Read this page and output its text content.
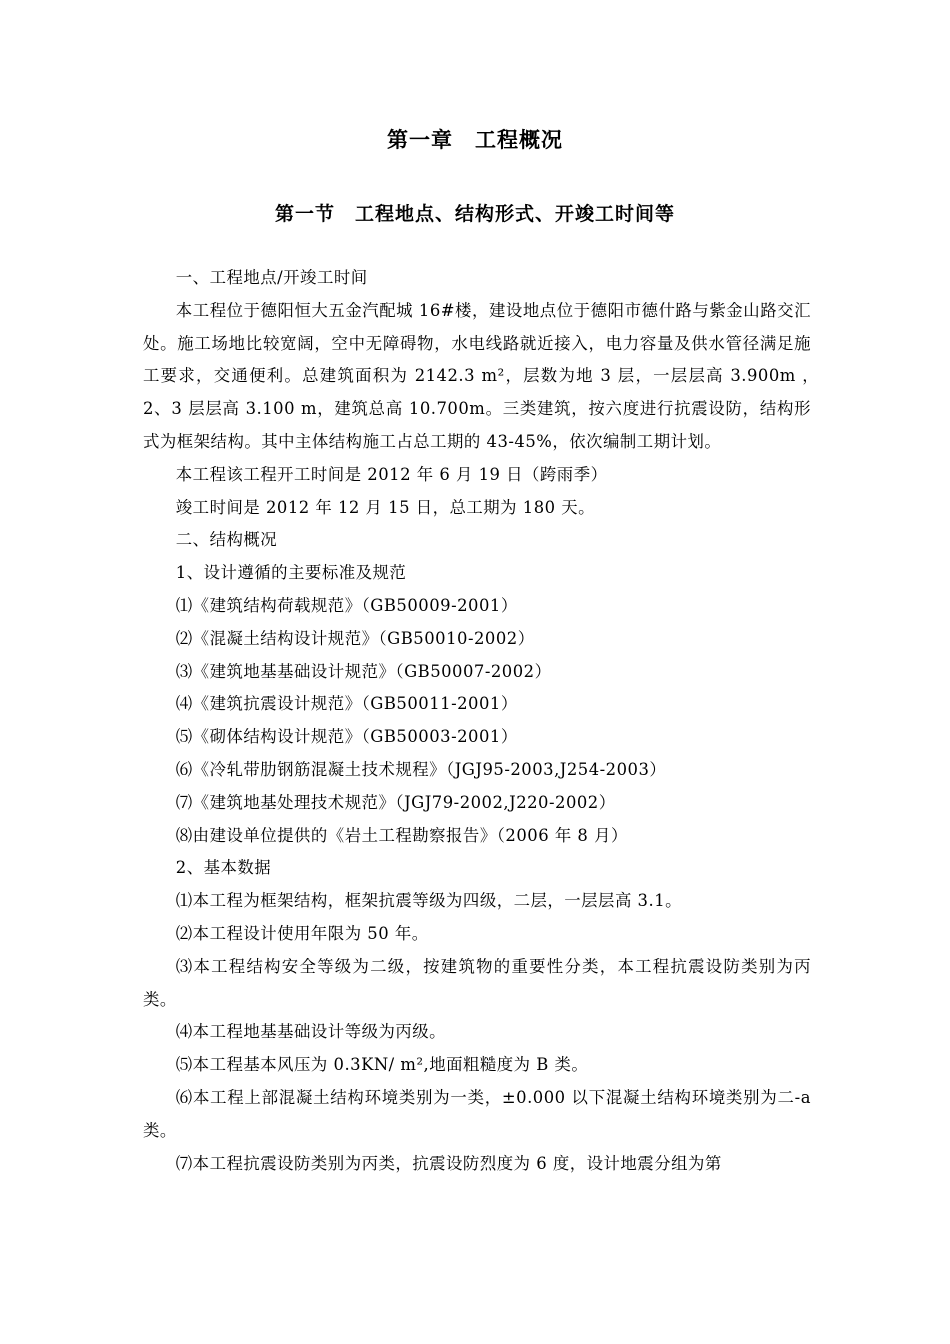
第一章　工程概况
第一节　工程地点、结构形式、开竣工时间等

一、工程地点/开竣工时间

本工程位于德阳恒大五金汽配城 16#楼，建设地点位于德阳市德什路与紫金山路交汇处。施工场地比较宽阔，空中无障碍物，水电线路就近接入，电力容量及供水管径满足施工要求，交通便利。总建筑面积为 2142.3 m²，层数为地 3 层，一层层高 3.900m ，　2、3 层层高 3.100 m，建筑总高 10.700m。三类建筑，按六度进行抗震设防，结构形式为框架结构。其中主体结构施工占总工期的 43-45%，依次编制工期计划。

本工程该工程开工时间是 2012 年 6 月 19 日（跨雨季）

竣工时间是 2012 年 12 月 15 日，总工期为 180 天。

二、结构概况

1、设计遵循的主要标准及规范

⑴《建筑结构荷载规范》（GB50009-2001）

⑵《混凝土结构设计规范》（GB50010-2002）

⑶《建筑地基基础设计规范》（GB50007-2002）

⑷《建筑抗震设计规范》（GB50011-2001）

⑸《砌体结构设计规范》（GB50003-2001）

⑹《冷轧带肋钢筋混凝土技术规程》（JGJ95-2003,J254-2003）

⑺《建筑地基处理技术规范》（JGJ79-2002,J220-2002）

⑻由建设单位提供的《岩土工程勘察报告》（2006 年 8 月）

2、基本数据

⑴本工程为框架结构，框架抗震等级为四级，二层，一层层高 3.1。

⑵本工程设计使用年限为 50 年。

⑶本工程结构安全等级为二级，按建筑物的重要性分类，本工程抗震设防类别为丙类。

⑷本工程地基基础设计等级为丙级。

⑸本工程基本风压为 0.3KN/ m²,地面粗糙度为 B 类。

⑹本工程上部混凝土结构环境类别为一类，±0.000 以下混凝土结构环境类别为二-a 类。

⑺本工程抗震设防类别为丙类，抗震设防烈度为 6 度，设计地震分组为第
